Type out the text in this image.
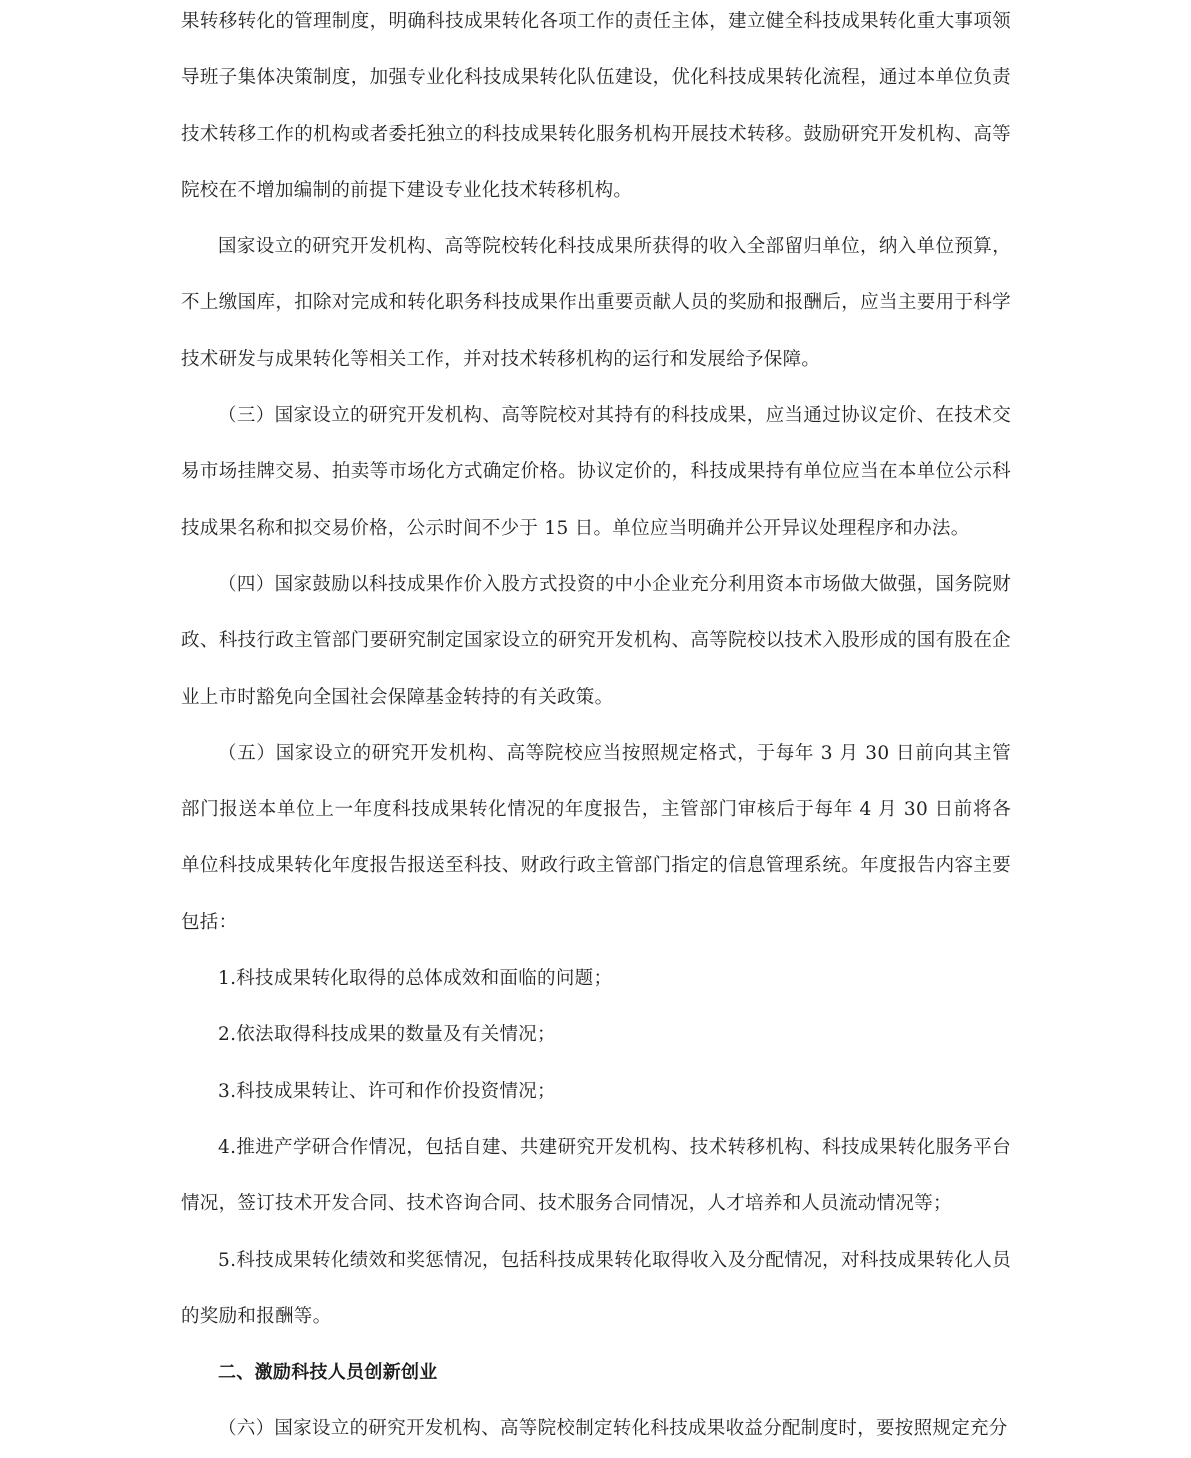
果转移转化的管理制度，明确科技成果转化各项工作的责任主体，建立健全科技成果转化重大事项领导班子集体决策制度，加强专业化科技成果转化队伍建设，优化科技成果转化流程，通过本单位负责技术转移工作的机构或者委托独立的科技成果转化服务机构开展技术转移。鼓励研究开发机构、高等院校在不增加编制的前提下建设专业化技术转移机构。

国家设立的研究开发机构、高等院校转化科技成果所获得的收入全部留归单位，纳入单位预算，不上缴国库，扣除对完成和转化职务科技成果作出重要贡献人员的奖励和报酬后，应当主要用于科学技术研发与成果转化等相关工作，并对技术转移机构的运行和发展给予保障。

（三）国家设立的研究开发机构、高等院校对其持有的科技成果，应当通过协议定价、在技术交易市场挂牌交易、拍卖等市场化方式确定价格。协议定价的，科技成果持有单位应当在本单位公示科技成果名称和拟交易价格，公示时间不少于 15 日。单位应当明确并公开异议处理程序和办法。

（四）国家鼓励以科技成果作价入股方式投资的中小企业充分利用资本市场做大做强，国务院财政、科技行政主管部门要研究制定国家设立的研究开发机构、高等院校以技术入股形成的国有股在企业上市时豁免向全国社会保障基金转持的有关政策。

（五）国家设立的研究开发机构、高等院校应当按照规定格式，于每年 3 月 30 日前向其主管部门报送本单位上一年度科技成果转化情况的年度报告，主管部门审核后于每年 4 月 30 日前将各单位科技成果转化年度报告报送至科技、财政行政主管部门指定的信息管理系统。年度报告内容主要包括：

1.科技成果转化取得的总体成效和面临的问题；

2.依法取得科技成果的数量及有关情况；

3.科技成果转让、许可和作价投资情况；

4.推进产学研合作情况，包括自建、共建研究开发机构、技术转移机构、科技成果转化服务平台情况，签订技术开发合同、技术咨询合同、技术服务合同情况，人才培养和人员流动情况等；

5.科技成果转化绩效和奖惩情况，包括科技成果转化取得收入及分配情况，对科技成果转化人员的奖励和报酬等。

二、激励科技人员创新创业

（六）国家设立的研究开发机构、高等院校制定转化科技成果收益分配制度时，要按照规定充分
